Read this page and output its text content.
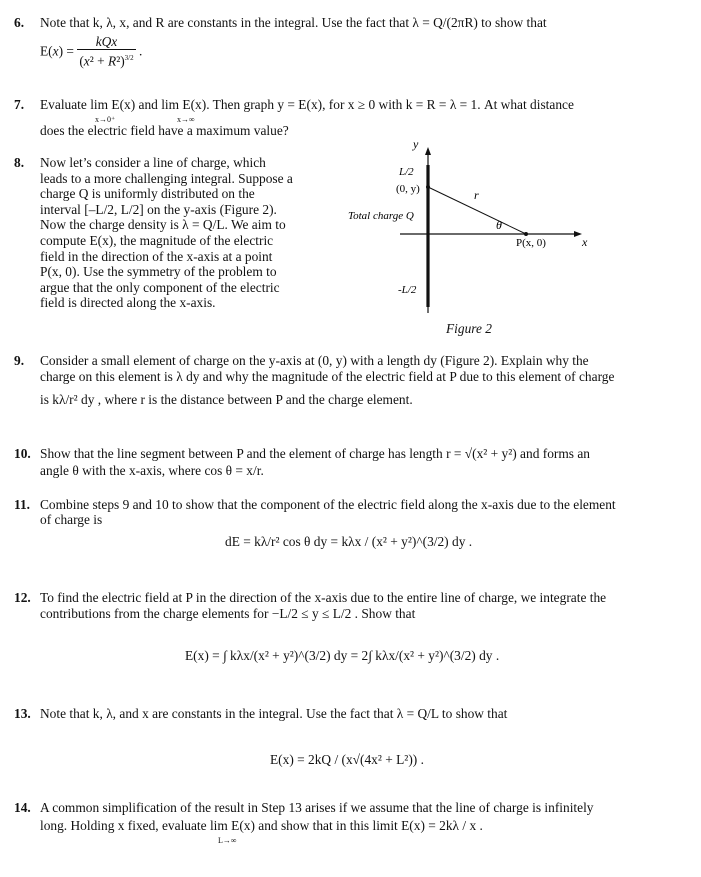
6. Note that k, λ, x, and R are constants in the integral. Use the fact that λ = Q/(2πR) to show that
$E(x) = \frac{\text{kQx}}{(x^2 + R^2)^{3/2}}$ .
7. Evaluate lim E(x) and lim E(x). Then graph y = E(x), for x ≥ 0 with k = R = λ = 1. At what distance
x→0⁺	x→∞
does the electric field have a maximum value?
8. Now let’s consider a line of charge, which
leads to a more challenging integral. Suppose a
charge Q is uniformly distributed on the
interval [–L/2, L/2] on the y-axis (Figure 2).
Now the charge density is λ = Q/L. We aim to
compute E(x), the magnitude of the electric
field in the direction of the x-axis at a point
P(x, 0). Use the symmetry of the problem to
argue that the only component of the electric
field is directed along the x-axis.
y
L/2
(0, y)
Total charge Q
r
θ
P(x, 0)	x
-L/2
Figure 2
9. Consider a small element of charge on the y-axis at (0, y) with a length dy (Figure 2). Explain why the
charge on this element is λ dy and why the magnitude of the electric field at P due to this element of charge
is kλ/r² dy , where r is the distance between P and the charge element.
10. Show that the line segment between P and the element of charge has length r = √(x² + y²) and forms an
angle θ with the x-axis, where cos θ = x/r.
11. Combine steps 9 and 10 to show that the component of the electric field along the x-axis due to the element
of charge is
dE = kλ/r² cos θ dy = kλx / (x² + y²)^(3/2) dy .
12. To find the electric field at P in the direction of the x-axis due to the entire line of charge, we integrate the
contributions from the charge elements for −L/2 ≤ y ≤ L/2 . Show that
E(x) = ∫ kλx/(x² + y²)^(3/2) dy = 2∫ kλx/(x² + y²)^(3/2) dy .
13. Note that k, λ, and x are constants in the integral. Use the fact that λ = Q/L to show that
E(x) = 2kQ / (x√(4x² + L²)) .
14. A common simplification of the result in Step 13 arises if we assume that the line of charge is infinitely
long. Holding x fixed, evaluate lim E(x) and show that in this limit E(x) = 2kλ / x .
L→∞
